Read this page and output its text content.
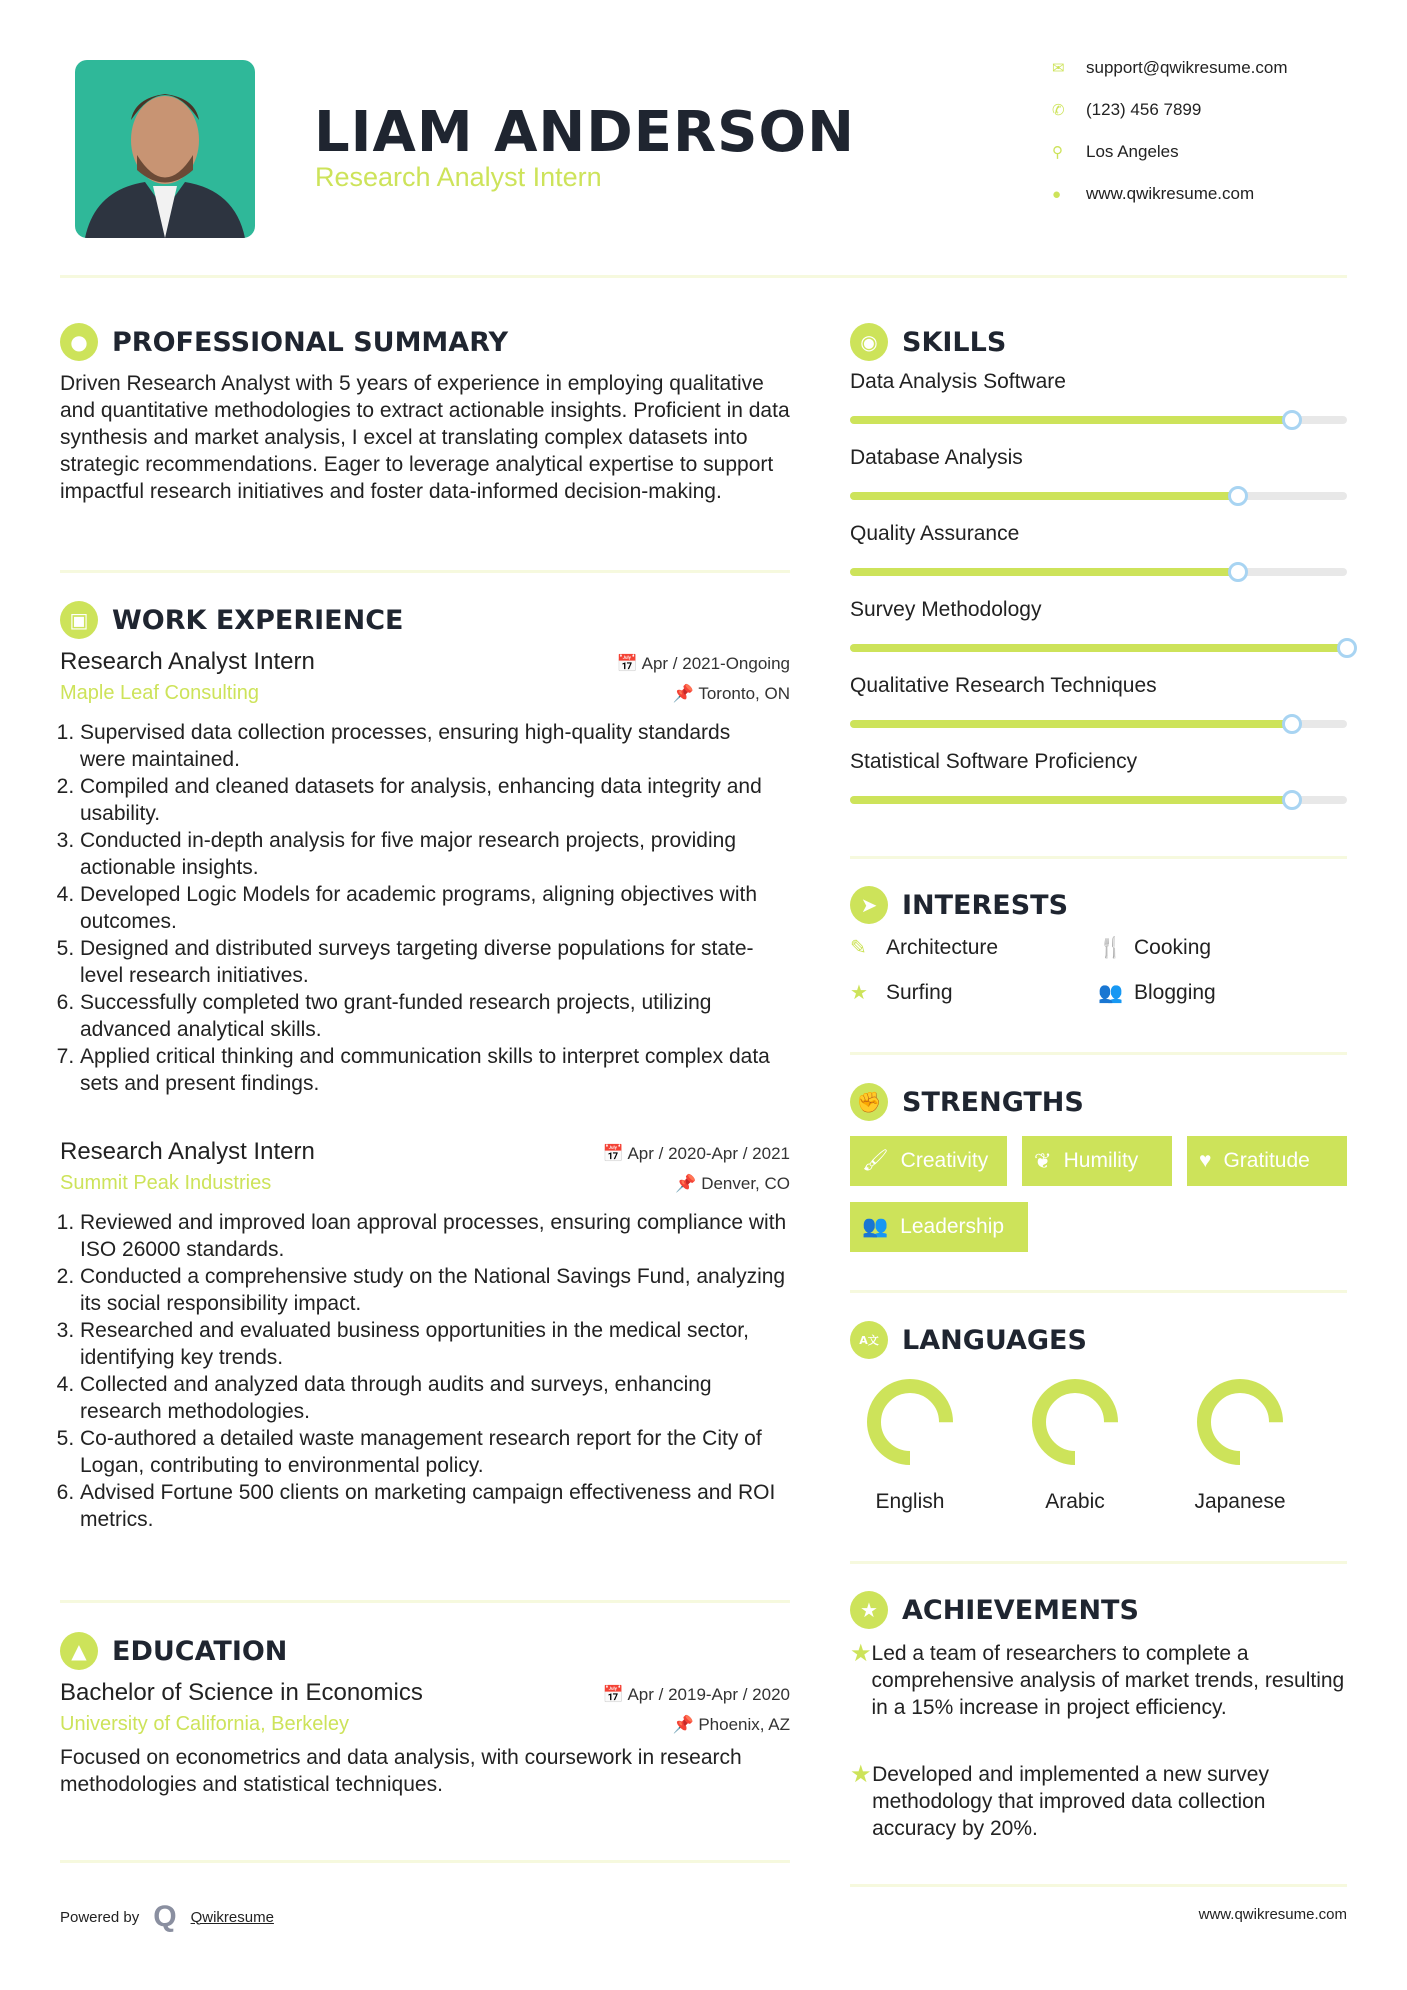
LIAM ANDERSON
Research Analyst Intern
✉	support@qwikresume.com
✆	(123) 456 7899
⚲	Los Angeles
●	www.qwikresume.com
● PROFESSIONAL SUMMARY
Driven Research Analyst with 5 years of experience in employing qualitative and quantitative methodologies to extract actionable insights. Proficient in data synthesis and market analysis, I excel at translating complex datasets into strategic recommendations. Eager to leverage analytical expertise to support impactful research initiatives and foster data-informed decision-making.
▣ WORK EXPERIENCE
Research Analyst Intern	📅 Apr / 2021-Ongoing
Maple Leaf Consulting	📌 Toronto, ON
1. Supervised data collection processes, ensuring high-quality standards were maintained.
2. Compiled and cleaned datasets for analysis, enhancing data integrity and usability.
3. Conducted in-depth analysis for five major research projects, providing actionable insights.
4. Developed Logic Models for academic programs, aligning objectives with outcomes.
5. Designed and distributed surveys targeting diverse populations for state-level research initiatives.
6. Successfully completed two grant-funded research projects, utilizing advanced analytical skills.
7. Applied critical thinking and communication skills to interpret complex data sets and present findings.
Research Analyst Intern	📅 Apr / 2020-Apr / 2021
Summit Peak Industries	📌 Denver, CO
1. Reviewed and improved loan approval processes, ensuring compliance with ISO 26000 standards.
2. Conducted a comprehensive study on the National Savings Fund, analyzing its social responsibility impact.
3. Researched and evaluated business opportunities in the medical sector, identifying key trends.
4. Collected and analyzed data through audits and surveys, enhancing research methodologies.
5. Co-authored a detailed waste management research report for the City of Logan, contributing to environmental policy.
6. Advised Fortune 500 clients on marketing campaign effectiveness and ROI metrics.
▲ EDUCATION
Bachelor of Science in Economics	📅 Apr / 2019-Apr / 2020
University of California, Berkeley	📌 Phoenix, AZ
Focused on econometrics and data analysis, with coursework in research methodologies and statistical techniques.
◉ SKILLS
Data Analysis Software
Database Analysis
Quality Assurance
Survey Methodology
Qualitative Research Techniques
Statistical Software Proficiency
➤ INTERESTS
✎ Architecture	🍴 Cooking
★ Surfing	👥 Blogging
✊ STRENGTHS
🖌 Creativity ❦ Humility	♥ Gratitude
👥 Leadership
A文 LANGUAGES
English	Arabic	Japanese
★ ACHIEVEMENTS
★ Led a team of researchers to complete a comprehensive analysis of market trends, resulting in a 15% increase in project efficiency.
★ Developed and implemented a new survey methodology that improved data collection accuracy by 20%.
Powered by Q Qwikresume	www.qwikresume.com
